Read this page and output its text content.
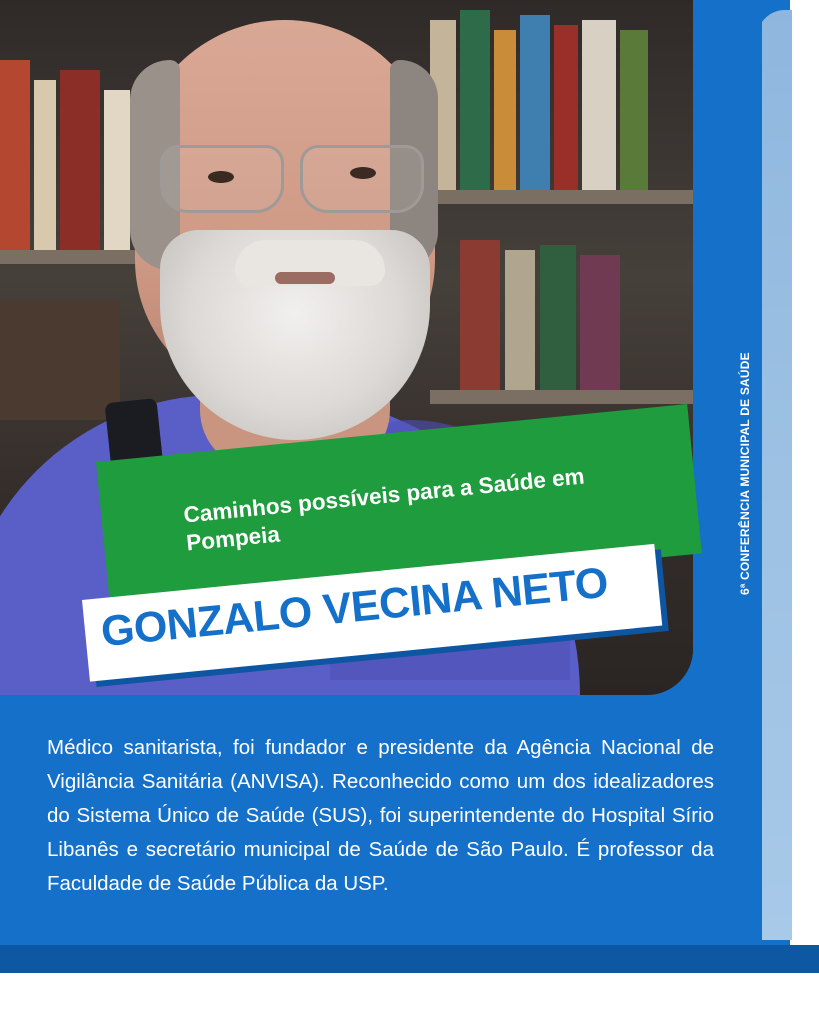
Caminhos possíveis para a Saúde em Pompeia
GONZALO VECINA NETO
6ª CONFERÊNCIA MUNICIPAL DE SAÚDE
Médico sanitarista, foi fundador e presidente da Agência Nacional de Vigilância Sanitária (ANVISA). Reconhecido como um dos idealizadores do Sistema Único de Saúde (SUS), foi superintendente do Hospital Sírio Libanês e secretário municipal de Saúde de São Paulo. É professor da Faculdade de Saúde Pública da USP.
